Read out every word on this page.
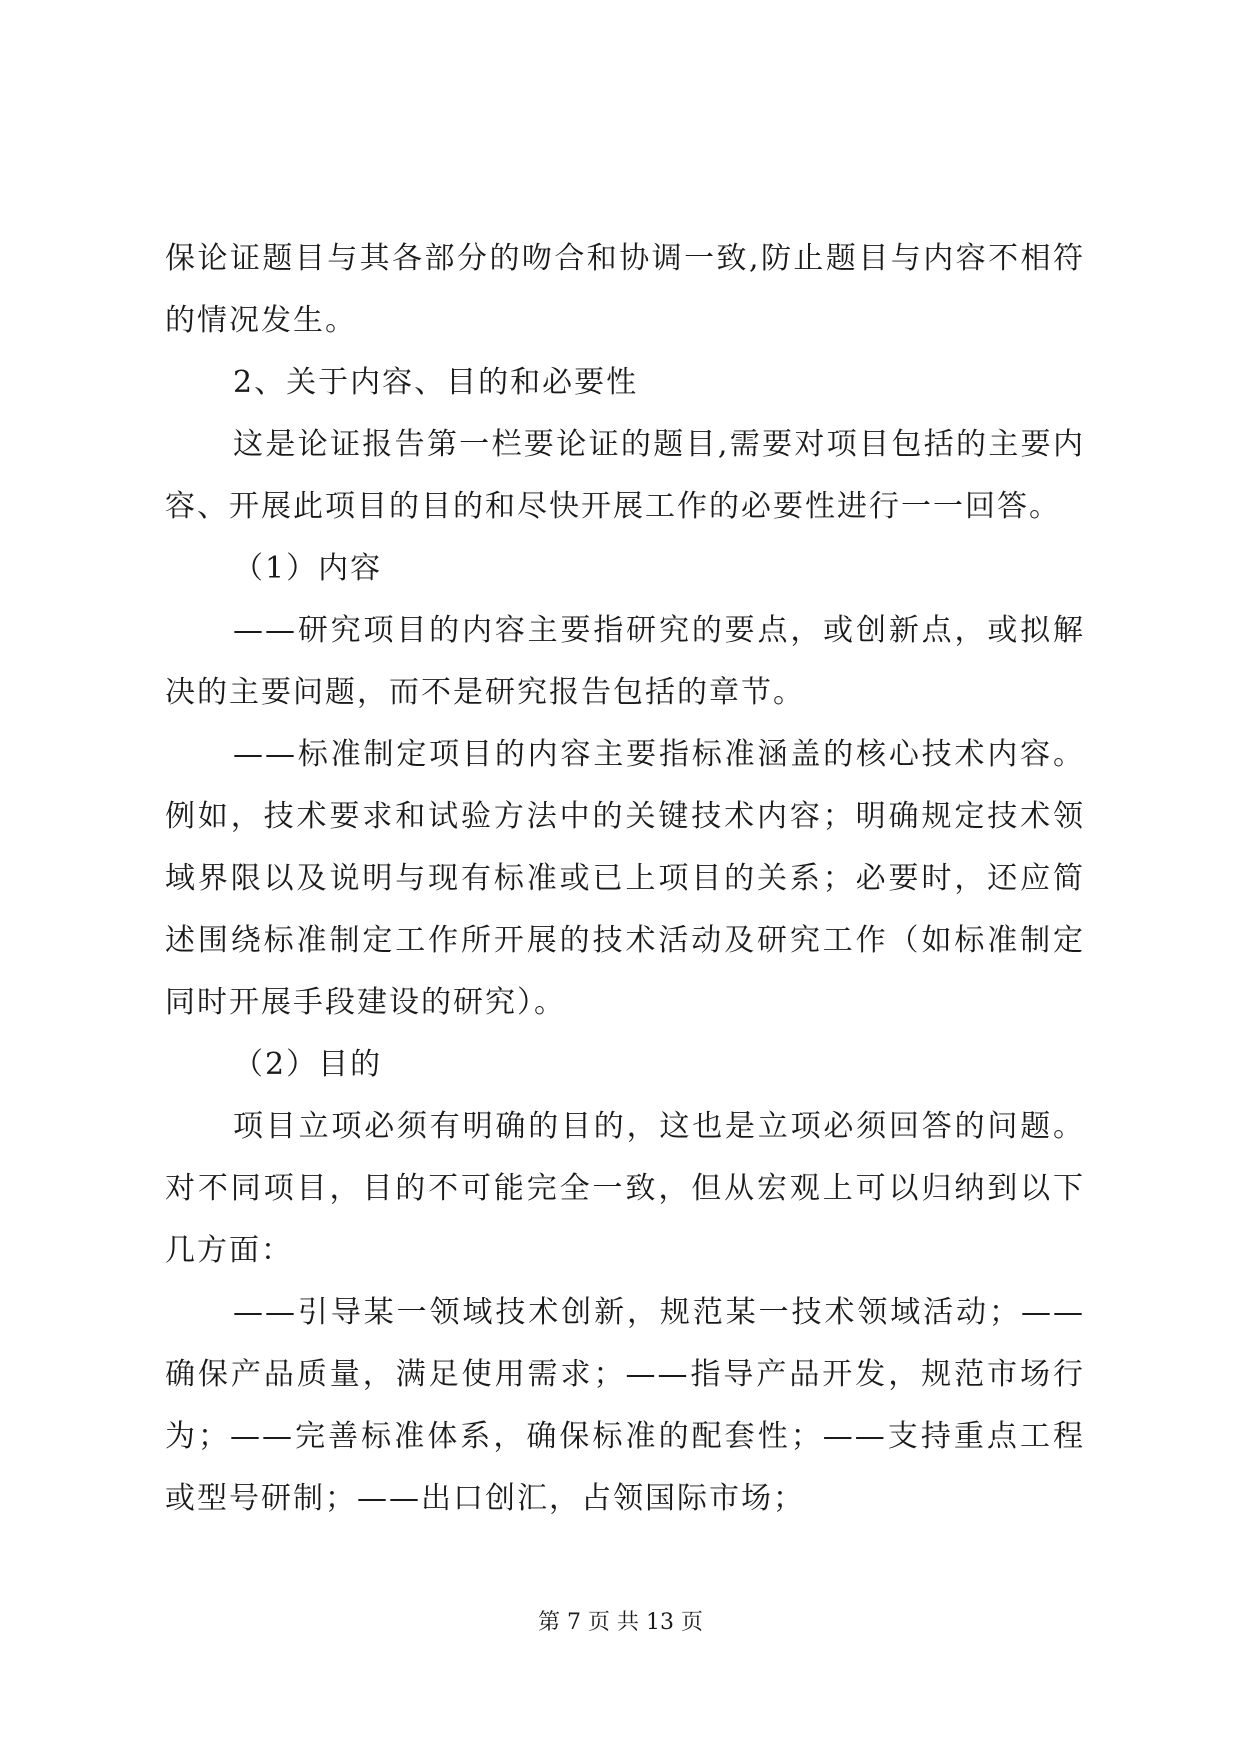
保论证题目与其各部分的吻合和协调一致,防止题目与内容不相符的情况发生。

2、关于内容、目的和必要性

这是论证报告第一栏要论证的题目,需要对项目包括的主要内容、开展此项目的目的和尽快开展工作的必要性进行一一回答。

（1）内容

——研究项目的内容主要指研究的要点，或创新点，或拟解决的主要问题，而不是研究报告包括的章节。

——标准制定项目的内容主要指标准涵盖的核心技术内容。例如，技术要求和试验方法中的关键技术内容；明确规定技术领域界限以及说明与现有标准或已上项目的关系；必要时，还应简述围绕标准制定工作所开展的技术活动及研究工作（如标准制定同时开展手段建设的研究）。

（2）目的

项目立项必须有明确的目的，这也是立项必须回答的问题。对不同项目，目的不可能完全一致，但从宏观上可以归纳到以下几方面：

——引导某一领域技术创新，规范某一技术领域活动；——确保产品质量，满足使用需求；——指导产品开发，规范市场行为；——完善标准体系，确保标准的配套性；——支持重点工程或型号研制；——出口创汇，占领国际市场；

第 7 页 共 13 页
